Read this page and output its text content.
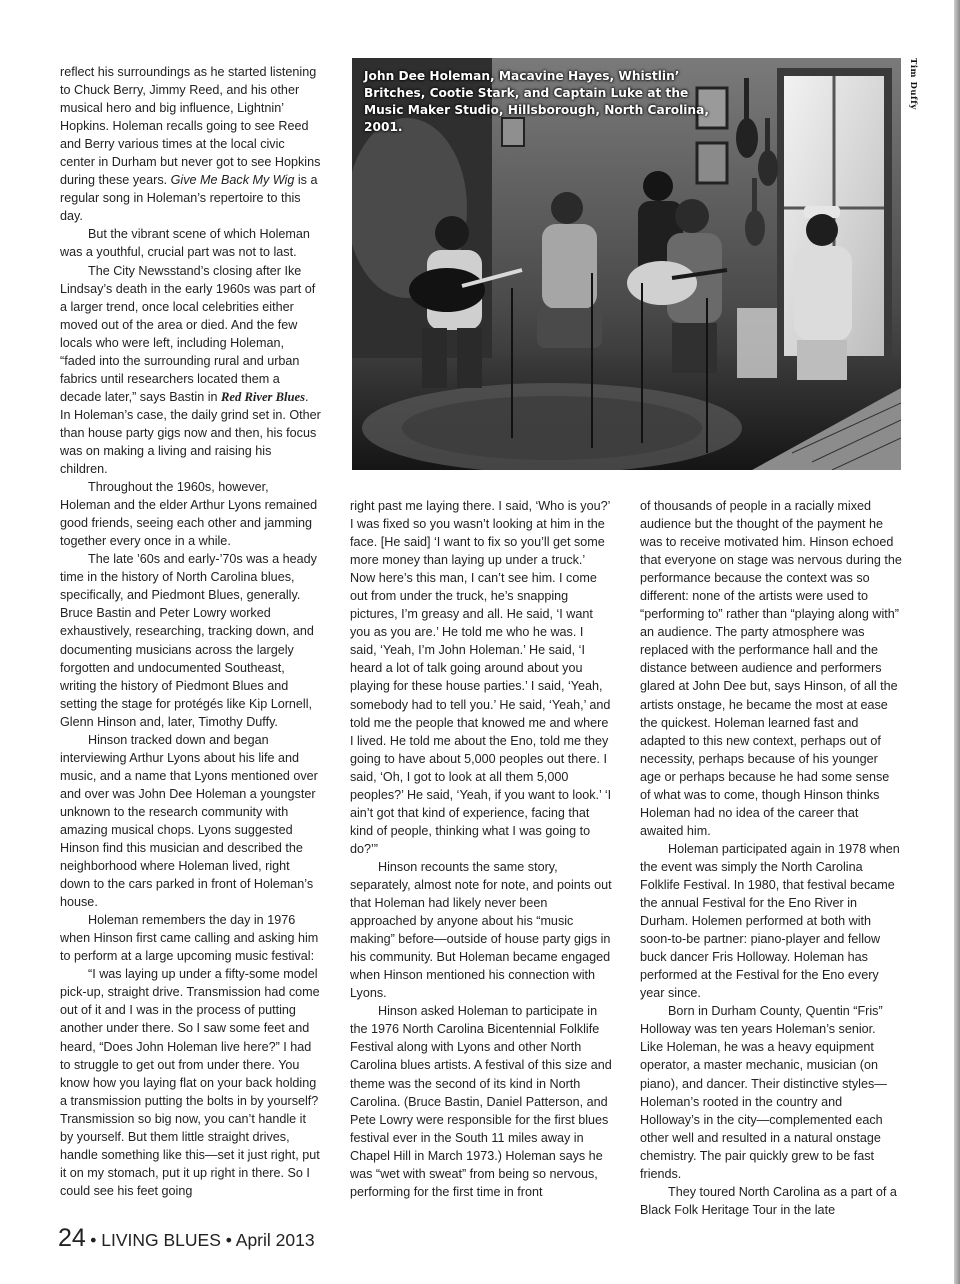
reflect his surroundings as he started listening to Chuck Berry, Jimmy Reed, and his other musical hero and big influence, Lightnin’ Hopkins. Holeman recalls going to see Reed and Berry various times at the local civic center in Durham but never got to see Hopkins during these years. Give Me Back My Wig is a regular song in Holeman’s repertoire to this day.

But the vibrant scene of which Holeman was a youthful, crucial part was not to last.

The City Newsstand’s closing after Ike Lindsay’s death in the early 1960s was part of a larger trend, once local celebrities either moved out of the area or died. And the few locals who were left, including Holeman, “faded into the surrounding rural and urban fabrics until researchers located them a decade later,” says Bastin in Red River Blues. In Holeman’s case, the daily grind set in. Other than house party gigs now and then, his focus was on making a living and raising his children.

Throughout the 1960s, however, Holeman and the elder Arthur Lyons remained good friends, seeing each other and jamming together every once in a while.

The late ’60s and early-’70s was a heady time in the history of North Carolina blues, specifically, and Piedmont Blues, generally. Bruce Bastin and Peter Lowry worked exhaustively, researching, tracking down, and documenting musicians across the largely forgotten and undocumented Southeast, writing the history of Piedmont Blues and setting the stage for protégés like Kip Lornell, Glenn Hinson and, later, Timothy Duffy.

Hinson tracked down and began interviewing Arthur Lyons about his life and music, and a name that Lyons mentioned over and over was John Dee Holeman a youngster unknown to the research community with amazing musical chops. Lyons suggested Hinson find this musician and described the neighborhood where Holeman lived, right down to the cars parked in front of Holeman’s house.

Holeman remembers the day in 1976 when Hinson first came calling and asking him to perform at a large upcoming music festival:

“I was laying up under a fifty-some model pick-up, straight drive. Transmission had come out of it and I was in the process of putting another under there. So I saw some feet and heard, “Does John Holeman live here?” I had to struggle to get out from under there. You know how you laying flat on your back holding a transmission putting the bolts in by yourself? Transmission so big now, you can’t handle it by yourself. But them little straight drives, handle something like this—set it just right, put it on my stomach, put it up right in there. So I could see his feet going

John Dee Holeman, Macavine Hayes, Whistlin’ Britches, Cootie Stark, and Captain Luke at the Music Maker Studio, Hillsborough, North Carolina, 2001.
Tim Duffy

right past me laying there. I said, ‘Who is you?’ I was fixed so you wasn’t looking at him in the face. [He said] ‘I want to fix so you’ll get some more money than laying up under a truck.’ Now here’s this man, I can’t see him. I come out from under the truck, he’s snapping pictures, I’m greasy and all. He said, ‘I want you as you are.’ He told me who he was. I said, ‘Yeah, I’m John Holeman.’ He said, ‘I heard a lot of talk going around about you playing for these house parties.’ I said, ‘Yeah, somebody had to tell you.’ He said, ‘Yeah,’ and told me the people that knowed me and where I lived. He told me about the Eno, told me they going to have about 5,000 peoples out there. I said, ‘Oh, I got to look at all them 5,000 peoples?’ He said, ‘Yeah, if you want to look.’ ‘I ain’t got that kind of experience, facing that kind of people, thinking what I was going to do?’”

Hinson recounts the same story, separately, almost note for note, and points out that Holeman had likely never been approached by anyone about his “music making” before—outside of house party gigs in his community. But Holeman became engaged when Hinson mentioned his connection with Lyons.

Hinson asked Holeman to participate in the 1976 North Carolina Bicentennial Folklife Festival along with Lyons and other North Carolina blues artists. A festival of this size and theme was the second of its kind in North Carolina. (Bruce Bastin, Daniel Patterson, and Pete Lowry were responsible for the first blues festival ever in the South 11 miles away in Chapel Hill in March 1973.) Holeman says he was “wet with sweat” from being so nervous, performing for the first time in front

of thousands of people in a racially mixed audience but the thought of the payment he was to receive motivated him. Hinson echoed that everyone on stage was nervous during the performance because the context was so different: none of the artists were used to “performing to” rather than “playing along with” an audience. The party atmosphere was replaced with the performance hall and the distance between audience and performers glared at John Dee but, says Hinson, of all the artists onstage, he became the most at ease the quickest. Holeman learned fast and adapted to this new context, perhaps out of necessity, perhaps because of his younger age or perhaps because he had some sense of what was to come, though Hinson thinks Holeman had no idea of the career that awaited him.

Holeman participated again in 1978 when the event was simply the North Carolina Folklife Festival. In 1980, that festival became the annual Festival for the Eno River in Durham. Holemen performed at both with soon-to-be partner: piano-player and fellow buck dancer Fris Holloway. Holeman has performed at the Festival for the Eno every year since.

Born in Durham County, Quentin “Fris” Holloway was ten years Holeman’s senior. Like Holeman, he was a heavy equipment operator, a master mechanic, musician (on piano), and dancer. Their distinctive styles—Holeman’s rooted in the country and Holloway’s in the city—complemented each other well and resulted in a natural onstage chemistry. The pair quickly grew to be fast friends.

They toured North Carolina as a part of a Black Folk Heritage Tour in the late

24 • LIVING BLUES • April 2013
